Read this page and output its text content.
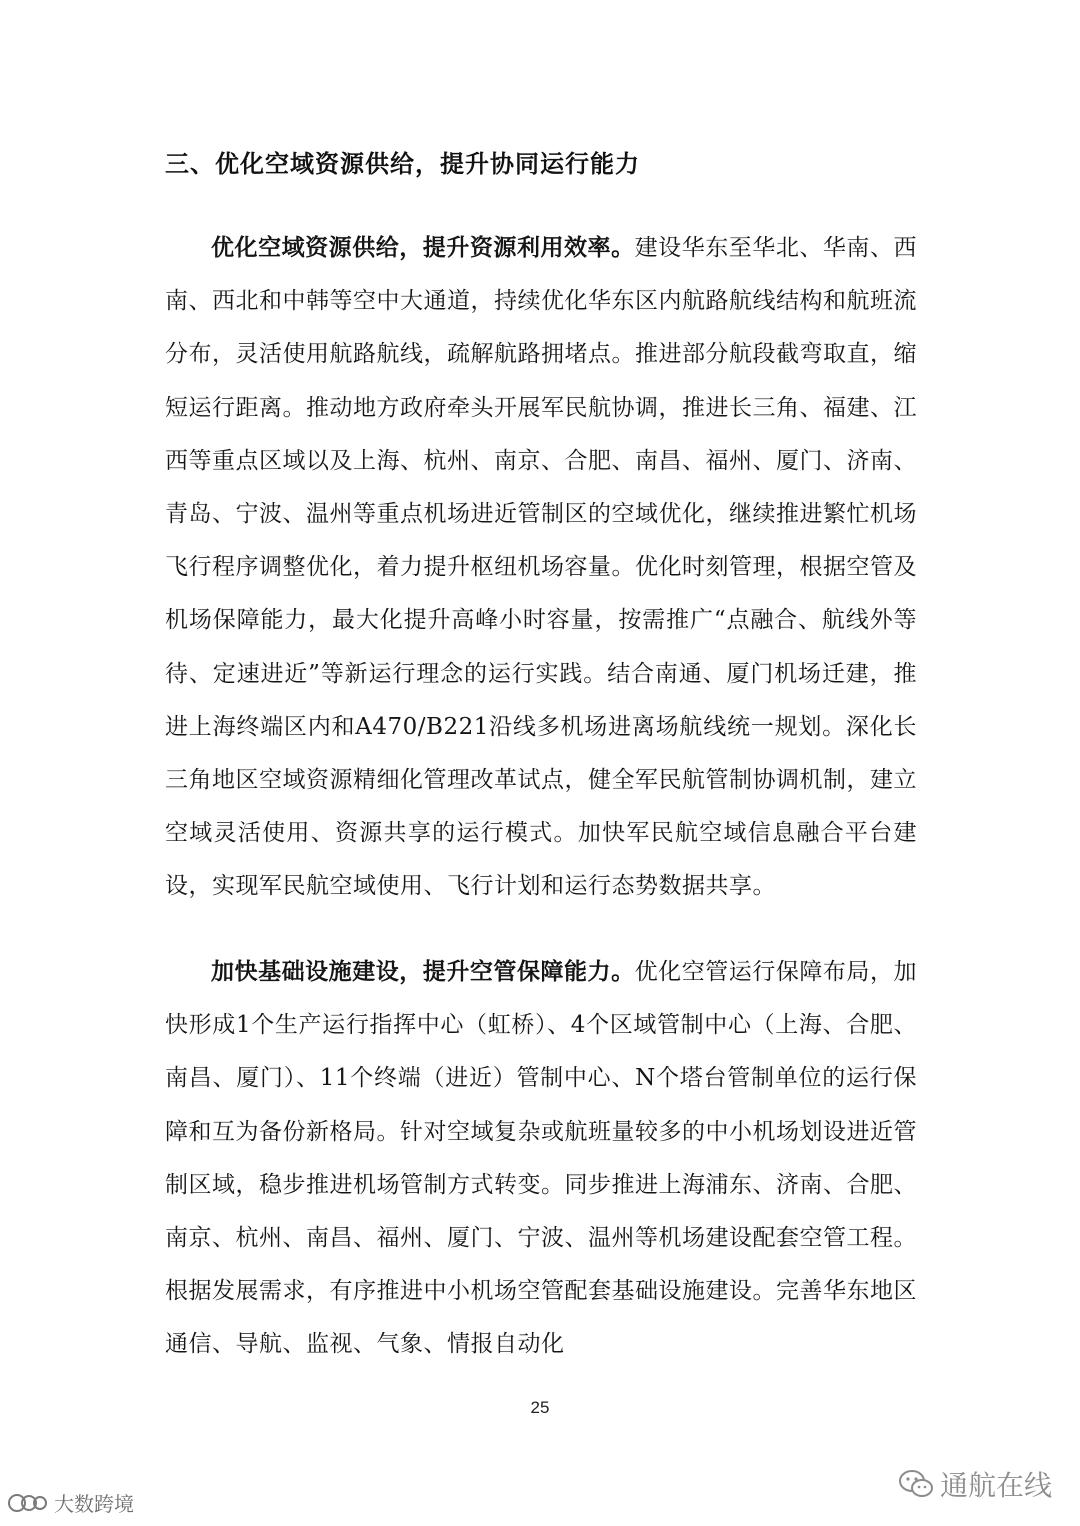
三、优化空域资源供给，提升协同运行能力

优化空域资源供给，提升资源利用效率。建设华东至华北、华南、西南、西北和中韩等空中大通道，持续优化华东区内航路航线结构和航班流分布，灵活使用航路航线，疏解航路拥堵点。推进部分航段截弯取直，缩短运行距离。推动地方政府牵头开展军民航协调，推进长三角、福建、江西等重点区域以及上海、杭州、南京、合肥、南昌、福州、厦门、济南、青岛、宁波、温州等重点机场进近管制区的空域优化，继续推进繁忙机场飞行程序调整优化，着力提升枢纽机场容量。优化时刻管理，根据空管及机场保障能力，最大化提升高峰小时容量，按需推广“点融合、航线外等待、定速进近”等新运行理念的运行实践。结合南通、厦门机场迁建，推进上海终端区内和A470/B221沿线多机场进离场航线统一规划。深化长三角地区空域资源精细化管理改革试点，健全军民航管制协调机制，建立空域灵活使用、资源共享的运行模式。加快军民航空域信息融合平台建设，实现军民航空域使用、飞行计划和运行态势数据共享。

加快基础设施建设，提升空管保障能力。优化空管运行保障布局，加快形成1个生产运行指挥中心（虹桥）、4个区域管制中心（上海、合肥、南昌、厦门）、11个终端（进近）管制中心、N个塔台管制单位的运行保障和互为备份新格局。针对空域复杂或航班量较多的中小机场划设进近管制区域，稳步推进机场管制方式转变。同步推进上海浦东、济南、合肥、南京、杭州、南昌、福州、厦门、宁波、温州等机场建设配套空管工程。根据发展需求，有序推进中小机场空管配套基础设施建设。完善华东地区通信、导航、监视、气象、情报自动化

25
大数跨境
通航在线
